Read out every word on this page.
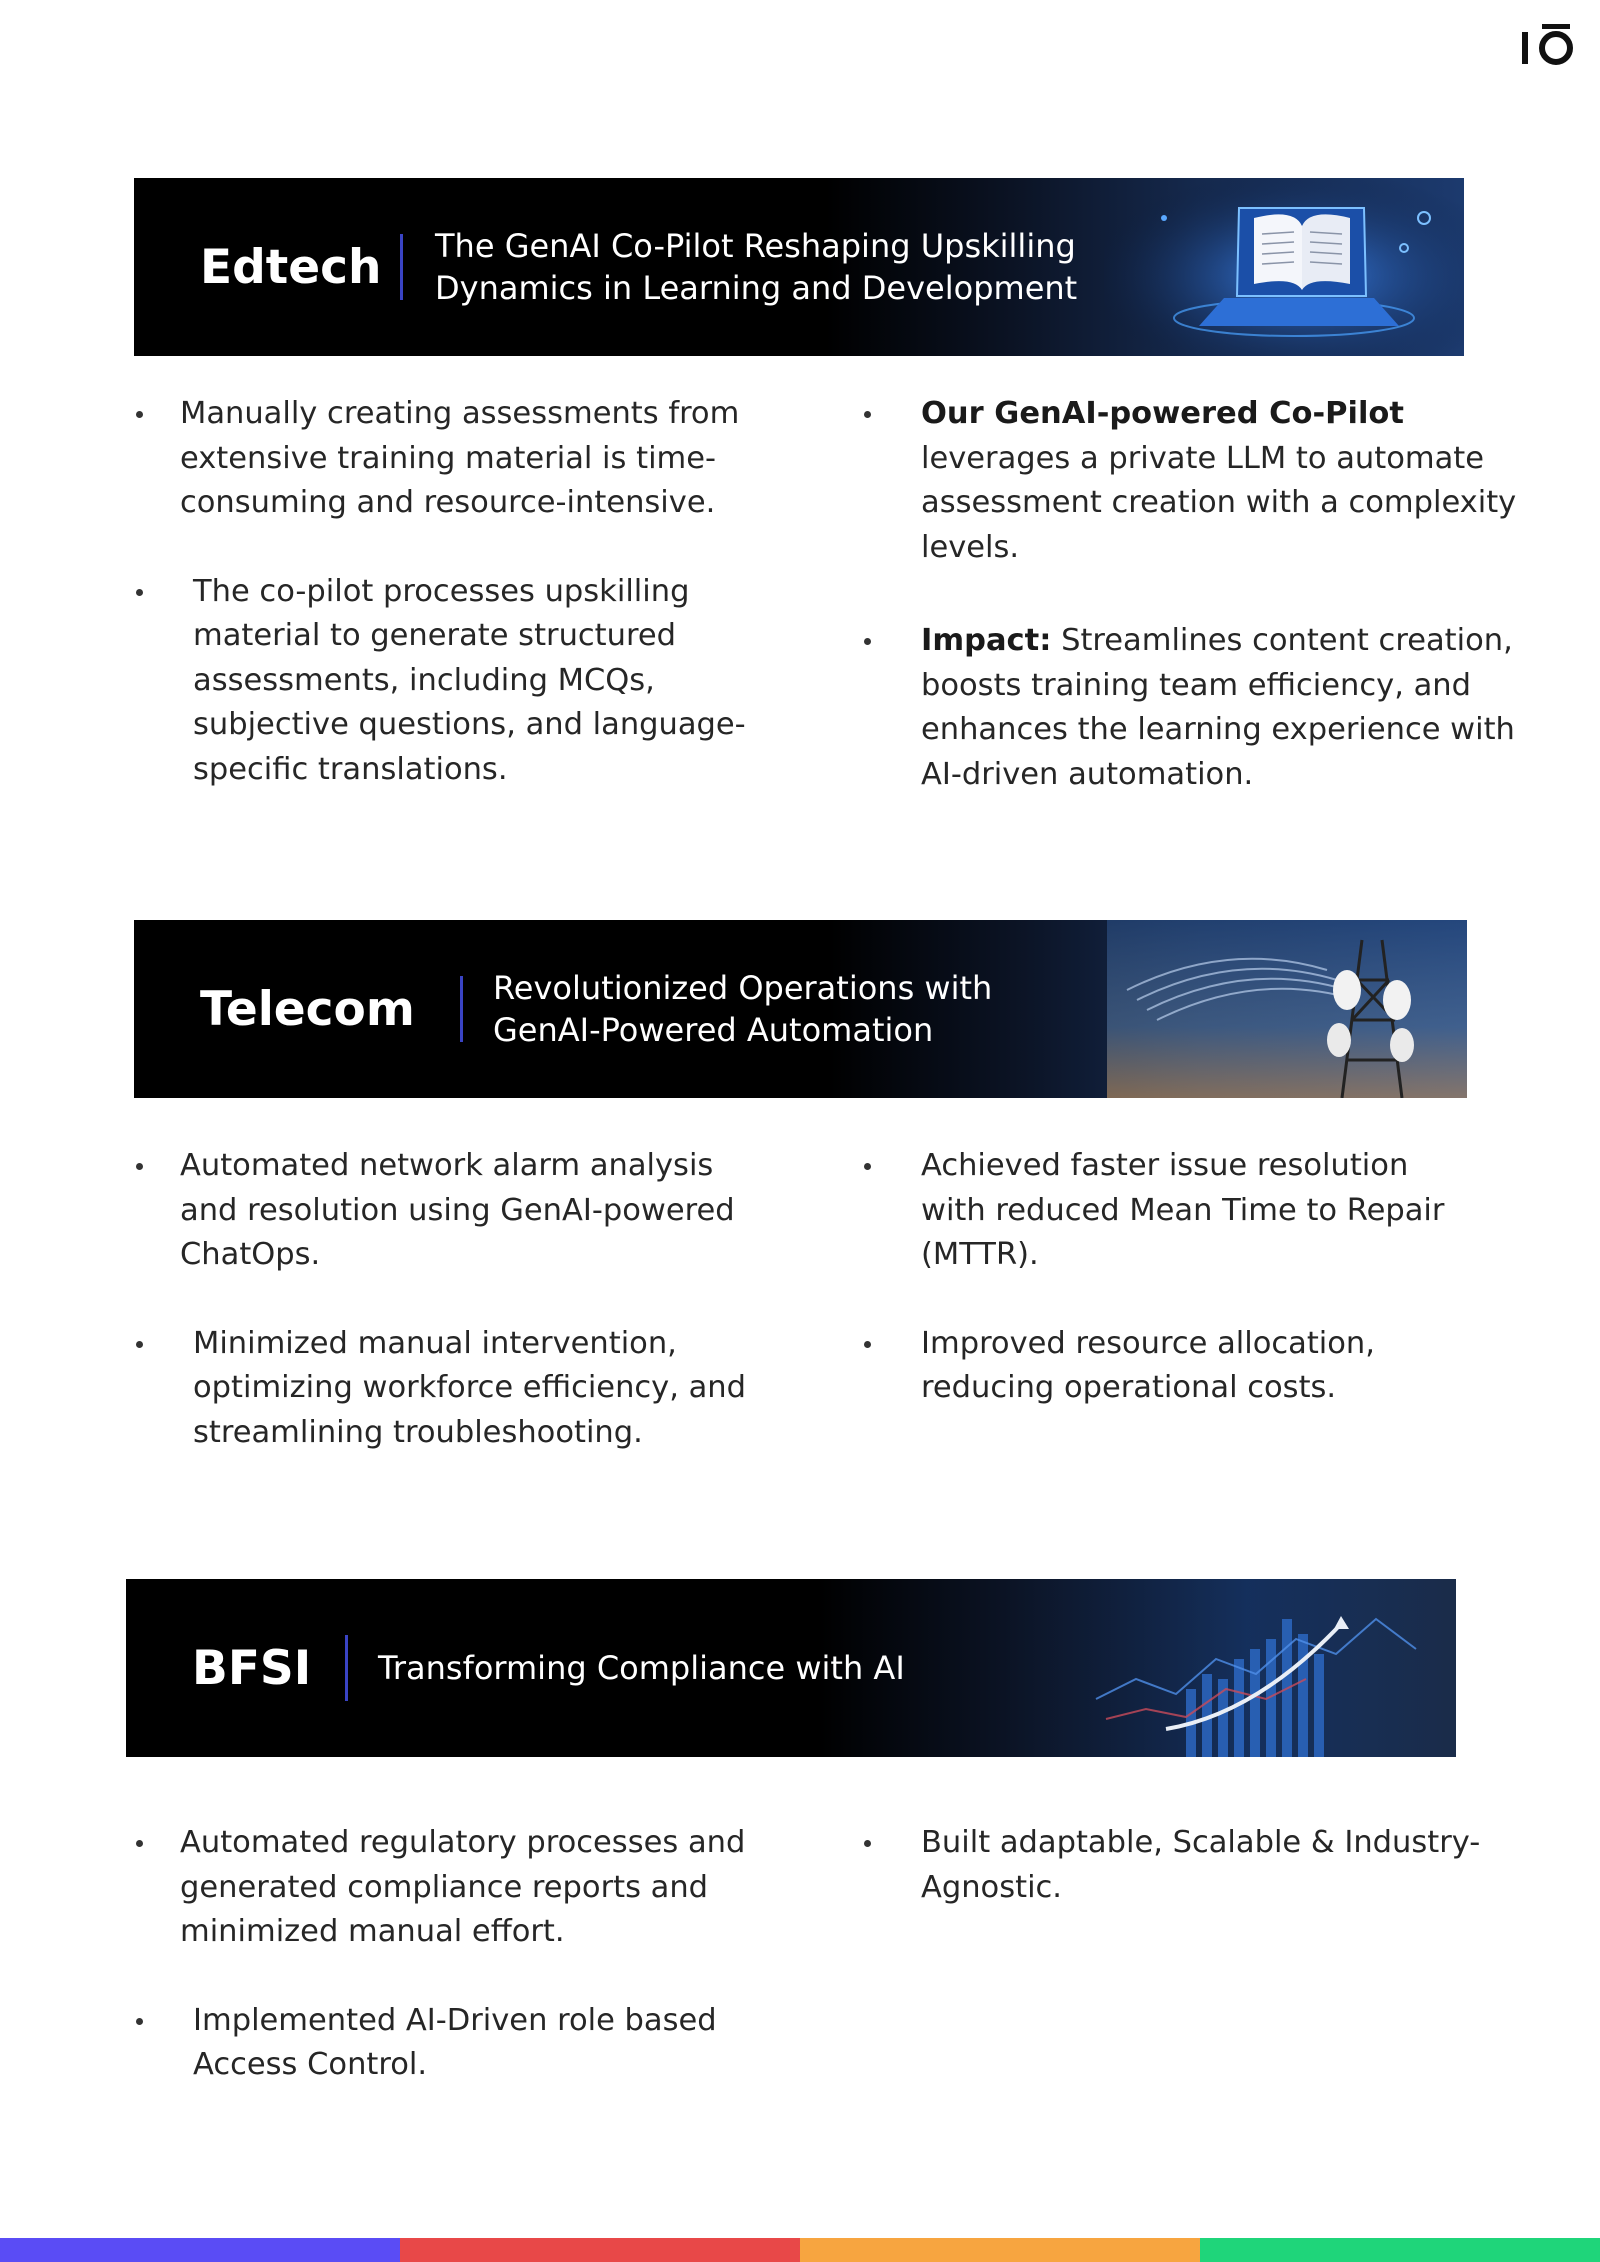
Edtech The GenAI Co-Pilot Reshaping Upskilling
Dynamics in Learning and Development
Manually creating assessments from extensive training material is time-consuming and resource-intensive.
The co-pilot processes upskilling material to generate structured assessments, including MCQs, subjective questions, and language-specific translations.
Our GenAI-powered Co-Pilot leverages a private LLM to automate assessment creation with a complexity levels.
Impact: Streamlines content creation, boosts training team efficiency, and enhances the learning experience with AI-driven automation.
Telecom Revolutionized Operations with
GenAI-Powered Automation
Automated network alarm analysis and resolution using GenAI-powered ChatOps.
Minimized manual intervention, optimizing workforce efficiency, and streamlining troubleshooting.
Achieved faster issue resolution with reduced Mean Time to Repair (MTTR).
Improved resource allocation, reducing operational costs.
BFSI Transforming Compliance with AI
Automated regulatory processes and generated compliance reports and minimized manual effort.
Implemented AI-Driven role based Access Control.
Built adaptable, Scalable & Industry-Agnostic.
